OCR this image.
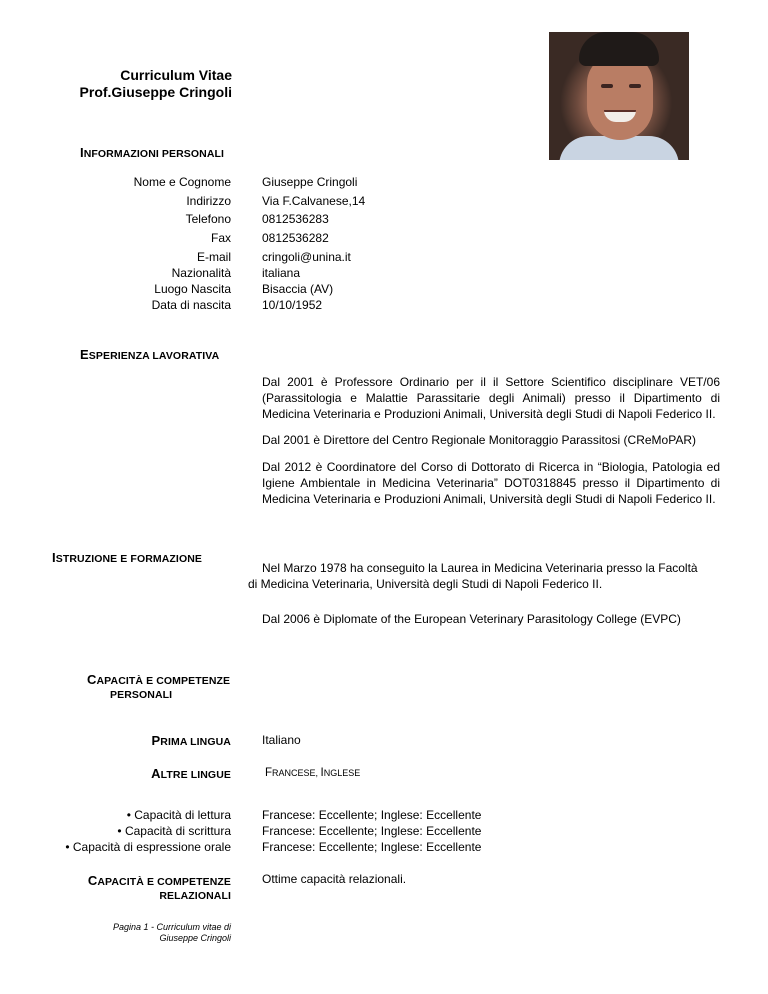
Curriculum Vitae
Prof.Giuseppe Cringoli
INFORMAZIONI PERSONALI
Nome e Cognome
Indirizzo
Telefono
Fax
E-mail
Nazionalità
Luogo Nascita
Data di nascita
Giuseppe Cringoli
Via F.Calvanese,14
0812536283
0812536282
cringoli@unina.it
italiana
Bisaccia (AV)
10/10/1952
ESPERIENZA LAVORATIVA
Dal 2001 è Professore Ordinario per il il Settore Scientifico disciplinare VET/06 (Parassitologia e Malattie Parassitarie degli Animali) presso il Dipartimento di Medicina Veterinaria e Produzioni Animali, Università degli Studi di Napoli Federico II.
Dal 2001 è Direttore del Centro Regionale Monitoraggio Parassitosi (CReMoPAR)
Dal 2012 è Coordinatore del Corso di Dottorato di Ricerca in “Biologia, Patologia ed Igiene Ambientale in Medicina Veterinaria” DOT0318845 presso il Dipartimento di Medicina Veterinaria e Produzioni Animali, Università degli Studi di Napoli Federico II.
ISTRUZIONE E FORMAZIONE
Nel Marzo 1978 ha conseguito la Laurea in Medicina Veterinaria presso la Facoltà
di Medicina Veterinaria, Università degli Studi di Napoli Federico II.
Dal 2006 è Diplomate of the European Veterinary Parasitology College (EVPC)
CAPACITÀ E COMPETENZE
PERSONALI
PRIMA LINGUA	Italiano
ALTRE LINGUE	FRANCESE, INGLESE
• Capacità di lettura
• Capacità di scrittura
• Capacità di espressione orale
Francese: Eccellente; Inglese: Eccellente
Francese: Eccellente; Inglese: Eccellente
Francese: Eccellente; Inglese: Eccellente
CAPACITÀ E COMPETENZE
RELAZIONALI
Ottime capacità relazionali.
Pagina 1 - Curriculum vitae di
Giuseppe Cringoli
